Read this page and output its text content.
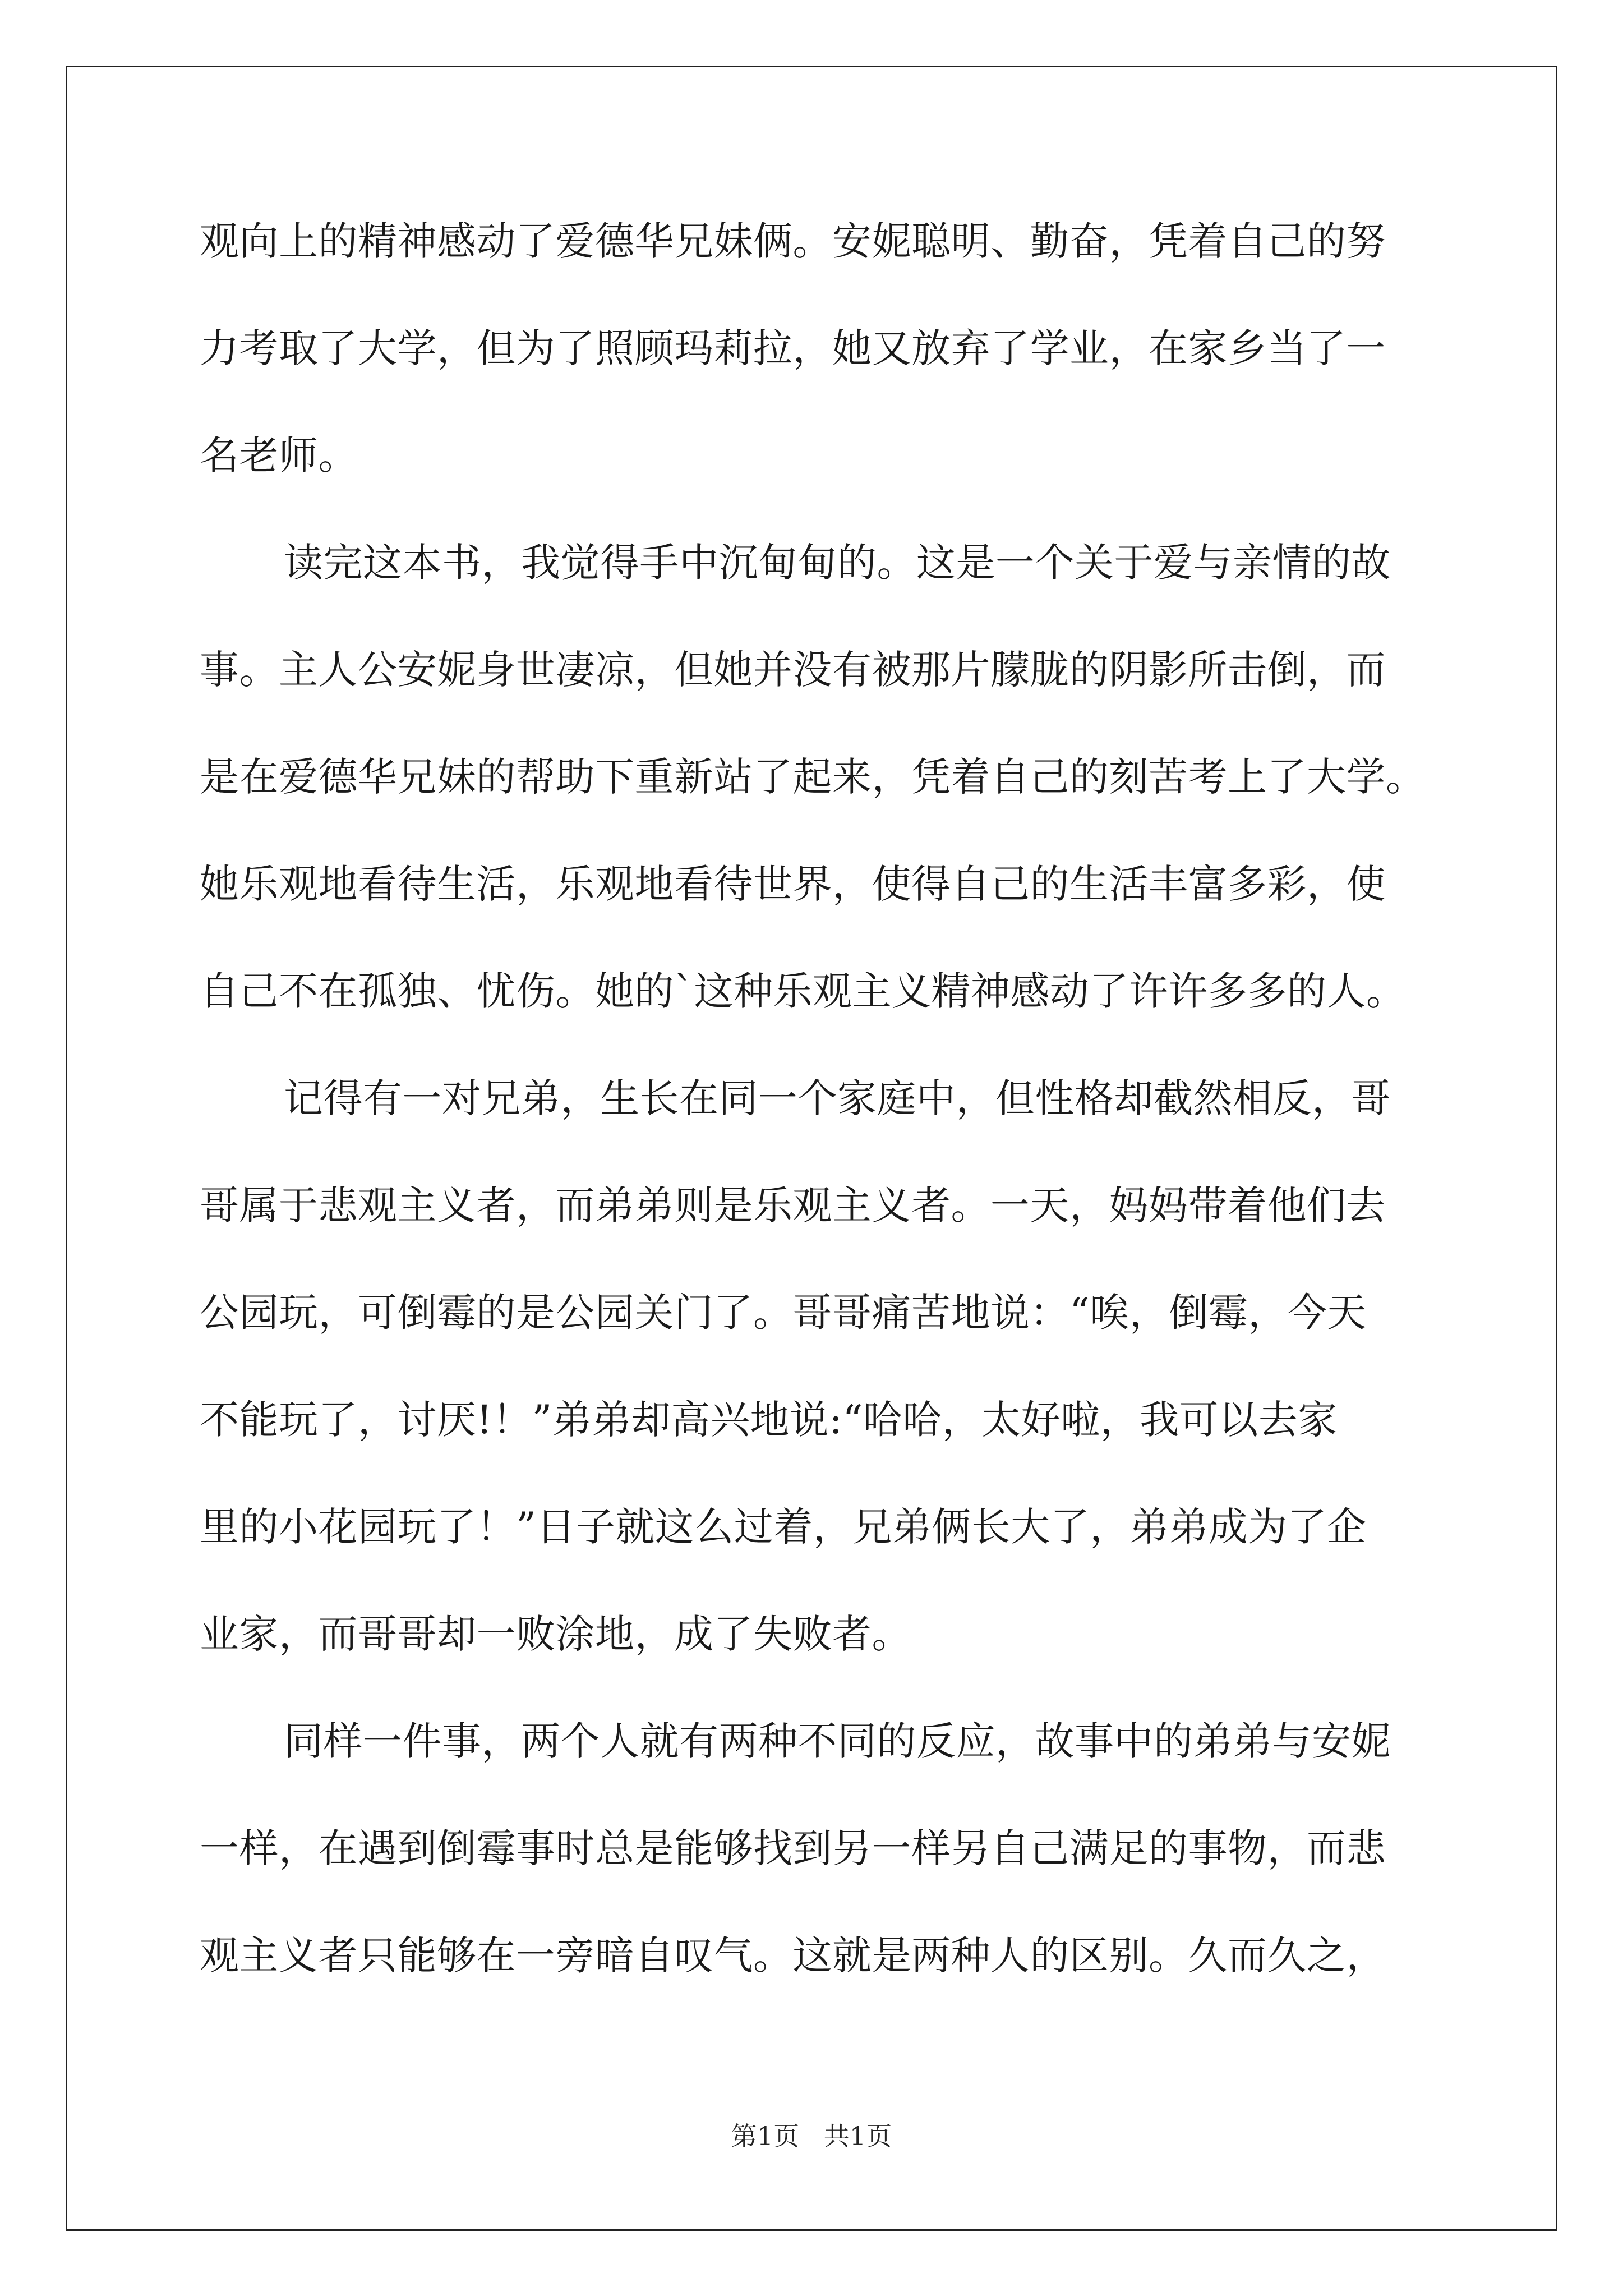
观向上的精神感动了爱德华兄妹俩。安妮聪明、勤奋，凭着自己的努
力考取了大学，但为了照顾玛莉拉，她又放弃了学业，在家乡当了一
名老师。
读完这本书，我觉得手中沉甸甸的。这是一个关于爱与亲情的故
事。主人公安妮身世凄凉，但她并没有被那片朦胧的阴影所击倒，而
是在爱德华兄妹的帮助下重新站了起来，凭着自己的刻苦考上了大学。
她乐观地看待生活，乐观地看待世界，使得自己的生活丰富多彩，使
自己不在孤独、忧伤。她的`这种乐观主义精神感动了许许多多的人。
记得有一对兄弟，生长在同一个家庭中，但性格却截然相反，哥
哥属于悲观主义者，而弟弟则是乐观主义者。一天，妈妈带着他们去
公园玩，可倒霉的是公园关门了。哥哥痛苦地说：“唉，倒霉，今天
不能玩了，讨厌!！”弟弟却高兴地说:“哈哈，太好啦，我可以去家
里的小花园玩了！”日子就这么过着，兄弟俩长大了，弟弟成为了企
业家，而哥哥却一败涂地，成了失败者。
同样一件事，两个人就有两种不同的反应，故事中的弟弟与安妮
一样，在遇到倒霉事时总是能够找到另一样另自己满足的事物，而悲
观主义者只能够在一旁暗自叹气。这就是两种人的区别。久而久之，
第1页   共1页
